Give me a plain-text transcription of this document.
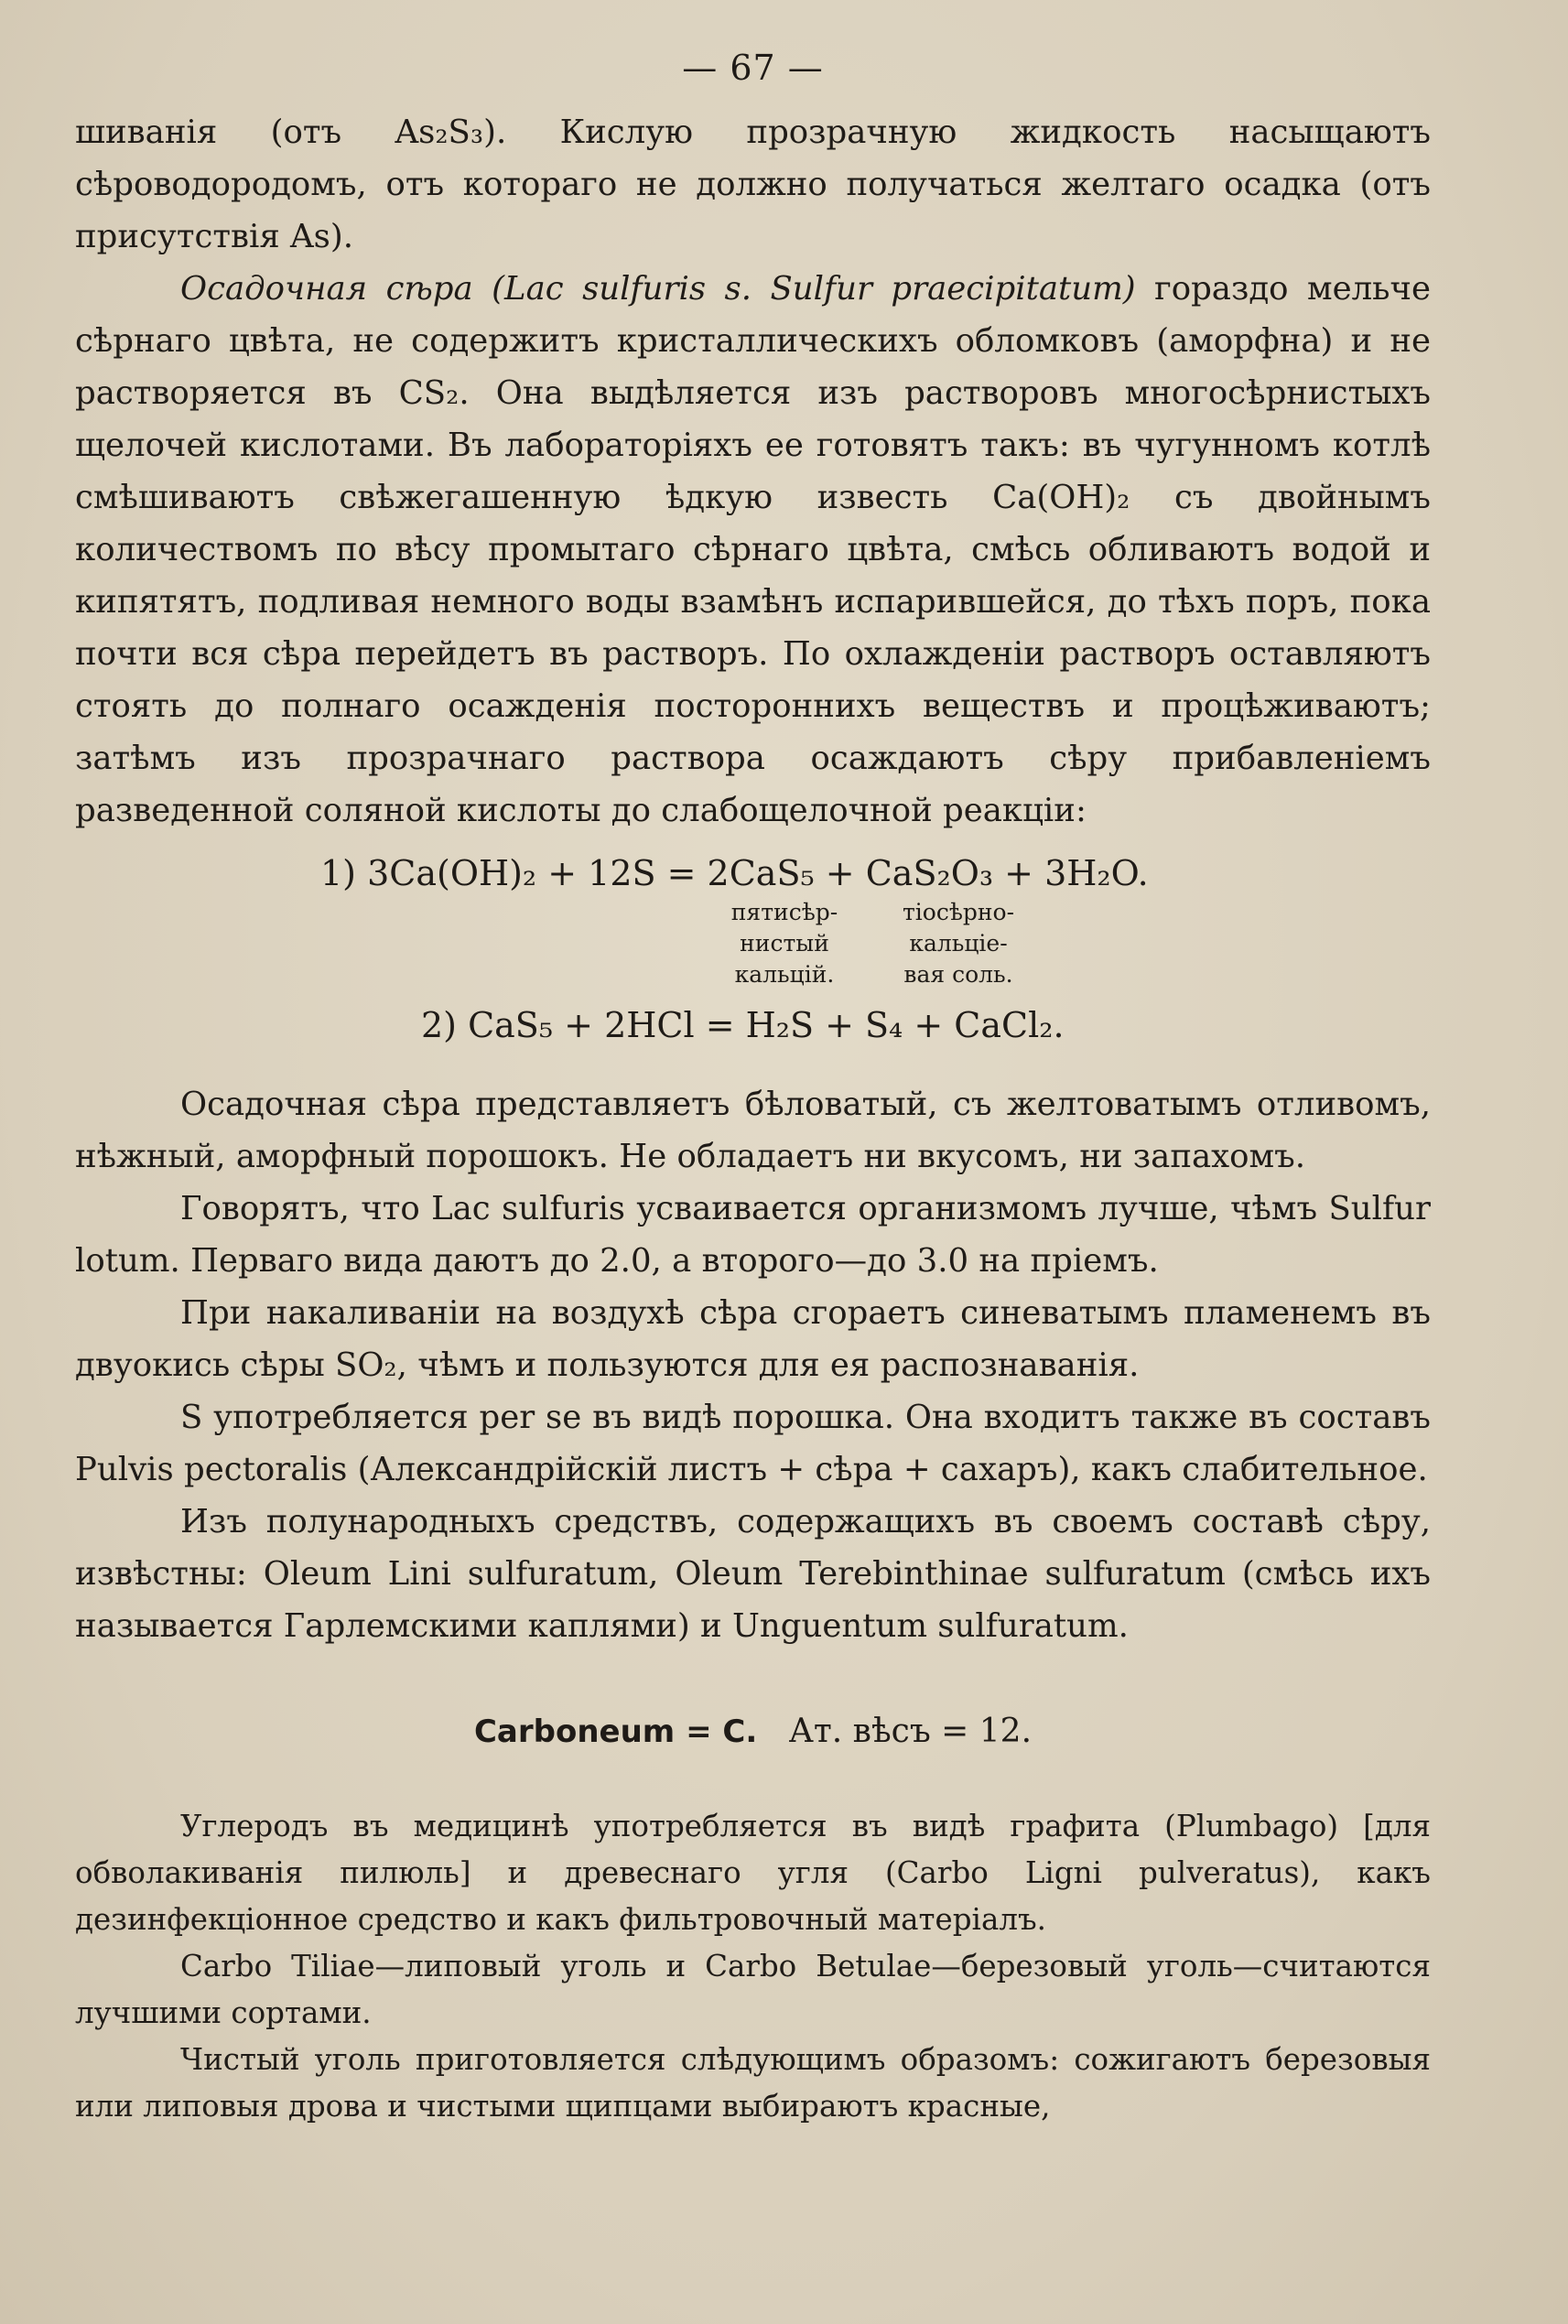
— 67 —

шиванія (отъ As₂S₃). Кислую прозрачную жидкость насыщаютъ сѣроводородомъ, отъ котораго не должно получаться желтаго осадка (отъ присутствія As).

Осадочная сѣра (Lac sulfuris s. Sulfur praecipitatum) гораздо мельче сѣрнаго цвѣта, не содержитъ кристаллическихъ обломковъ (аморфна) и не растворяется въ CS₂. Она выдѣляется изъ растворовъ многосѣрнистыхъ щелочей кислотами. Въ лабораторіяхъ ее готовятъ такъ: въ чугунномъ котлѣ смѣшиваютъ свѣжегашенную ѣдкую известь Ca(OH)₂ съ двойнымъ количествомъ по вѣсу промытаго сѣрнаго цвѣта, смѣсь обливаютъ водой и кипятятъ, подливая немного воды взамѣнъ испарившейся, до тѣхъ поръ, пока почти вся сѣра перейдетъ въ растворъ. По охлажденіи растворъ оставляютъ стоять до полнаго осажденія постороннихъ веществъ и процѣживаютъ; затѣмъ изъ прозрачнаго раствора осаждаютъ сѣру прибавленіемъ разведенной соляной кислоты до слабощелочной реакціи:

1) 3Ca(OH)₂ + 12S = 2CaS₅ + CaS₂O₃ + 3H₂O.
пятисѣр-
нистый
кальцій.
тіосѣрно-
кальціе-
вая соль.
2) CaS₅ + 2HCl = H₂S + S₄ + CaCl₂.

Осадочная сѣра представляетъ бѣловатый, съ желтоватымъ отливомъ, нѣжный, аморфный порошокъ. Не обладаетъ ни вкусомъ, ни запахомъ.

Говорятъ, что Lac sulfuris усваивается организмомъ лучше, чѣмъ Sulfur lotum. Перваго вида даютъ до 2.0, а второго—до 3.0 на пріемъ.

При накаливаніи на воздухѣ сѣра сгораетъ синеватымъ пламенемъ въ двуокись сѣры SO₂, чѣмъ и пользуются для ея распознаванія.

S употребляется per se въ видѣ порошка. Она входитъ также въ составъ Pulvis pectoralis (Александрійскій листъ + сѣра + сахаръ), какъ слабительное.

Изъ полународныхъ средствъ, содержащихъ въ своемъ составѣ сѣру, извѣстны: Oleum Lini sulfuratum, Oleum Terebinthinae sulfuratum (смѣсь ихъ называется Гарлемскими каплями) и Unguentum sulfuratum.

Carboneum = C. Ат. вѣсъ = 12.

Углеродъ въ медицинѣ употребляется въ видѣ графита (Plumbago) [для обволакиванія пилюль] и древеснаго угля (Carbo Ligni pulveratus), какъ дезинфекціонное средство и какъ фильтровочный матеріалъ.

Carbo Tiliae—липовый уголь и Carbo Betulae—березовый уголь—считаются лучшими сортами.

Чистый уголь приготовляется слѣдующимъ образомъ: сожигаютъ березовыя или липовыя дрова и чистыми щипцами выбираютъ красные,
